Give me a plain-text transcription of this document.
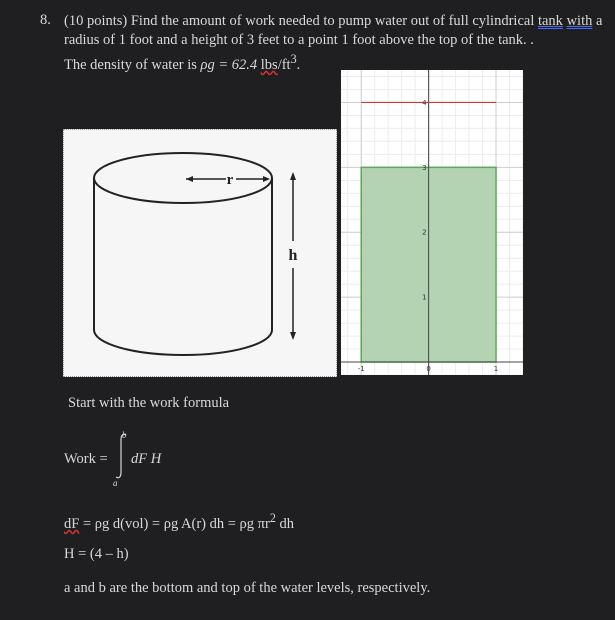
8. (10 points) Find the amount of work needed to pump water out of full cylindrical tank with a radius of 1 foot and a height of 3 feet to a point 1 foot above the top of the tank. .
The density of water is ρg = 62.4 lbs/$ft^3$.
r
h
-1	0	1
1
2
3
4
Start with the work formula
Work =
b
a
dF H
dF = ρg d(vol) = ρg A(r) dh = ρg $\pi r^2$ dh
H = (4 – h)
a and b are the bottom and top of the water levels, respectively.
